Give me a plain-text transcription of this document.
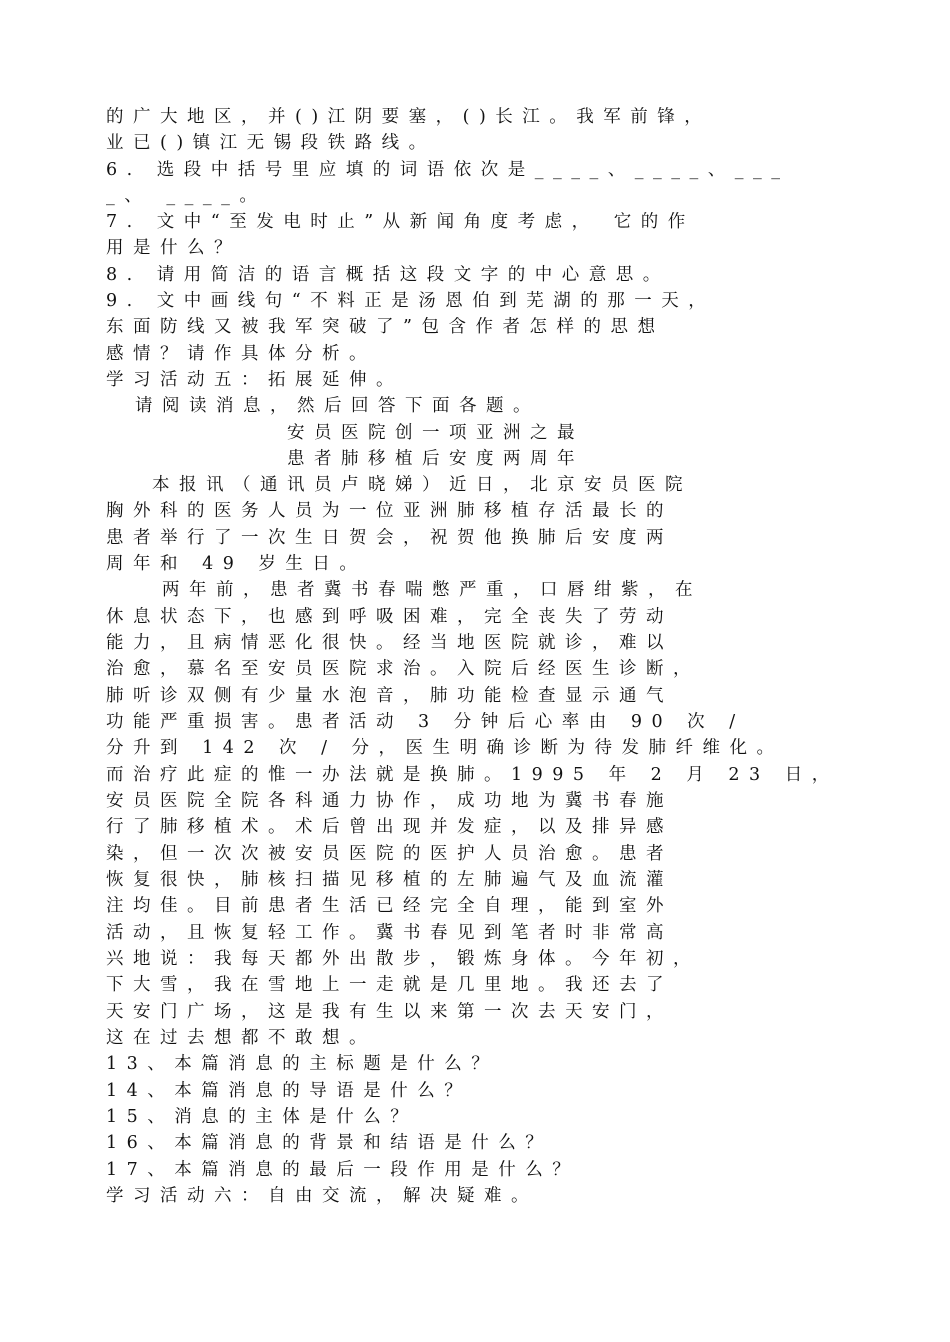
的广大地区，并()江阴要塞，()长江。我军前锋，
业已()镇江无锡段铁路线。
6. 选段中括号里应填的词语依次是____、____、___
_、 ____。
7. 文中“至发电时止”从新闻角度考虑， 它的作
用是什么？
8. 请用简洁的语言概括这段文字的中心意思。
9. 文中画线句“不料正是汤恩伯到芜湖的那一天，
东面防线又被我军突破了”包含作者怎样的思想
感情？请作具体分析。
学习活动五：拓展延伸。
请阅读消息，然后回答下面各题。
安员医院创一项亚洲之最
患者肺移植后安度两周年
本报讯（通讯员卢晓娣）近日，北京安员医院
胸外科的医务人员为一位亚洲肺移植存活最长的
患者举行了一次生日贺会，祝贺他换肺后安度两
周年和 49 岁生日。
两年前，患者冀书春喘憋严重，口唇绀紫，在
休息状态下，也感到呼吸困难，完全丧失了劳动
能力，且病情恶化很快。经当地医院就诊，难以
治愈，慕名至安员医院求治。入院后经医生诊断，
肺听诊双侧有少量水泡音，肺功能检查显示通气
功能严重损害。患者活动 3 分钟后心率由 90 次 /
分升到 142 次 / 分，医生明确诊断为待发肺纤维化。
而治疗此症的惟一办法就是换肺。1995 年 2 月 23 日，
安员医院全院各科通力协作，成功地为冀书春施
行了肺移植术。术后曾出现并发症，以及排异感
染，但一次次被安员医院的医护人员治愈。患者
恢复很快，肺核扫描见移植的左肺遍气及血流灌
注均佳。目前患者生活已经完全自理，能到室外
活动，且恢复轻工作。冀书春见到笔者时非常高
兴地说：我每天都外出散步，锻炼身体。今年初，
下大雪，我在雪地上一走就是几里地。我还去了
天安门广场，这是我有生以来第一次去天安门，
这在过去想都不敢想。
13、本篇消息的主标题是什么？
14、本篇消息的导语是什么？
15、消息的主体是什么？
16、本篇消息的背景和结语是什么？
17、本篇消息的最后一段作用是什么？
学习活动六：自由交流，解决疑难。
